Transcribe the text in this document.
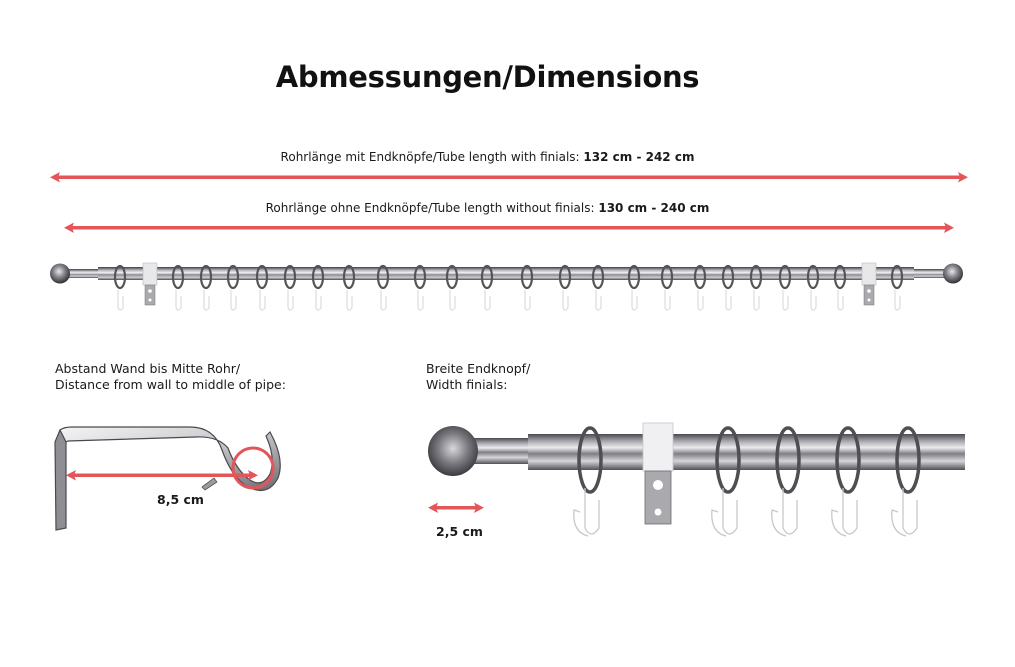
Abmessungen/Dimensions
Rohrlänge mit Endknöpfe/Tube length with finials: 132 cm - 242 cm
Rohrlänge ohne Endknöpfe/Tube length without finials: 130 cm - 240 cm
Abstand Wand bis Mitte Rohr/
Distance from wall to middle of pipe:
8,5 cm
Breite Endknopf/
Width finials:
2,5 cm
